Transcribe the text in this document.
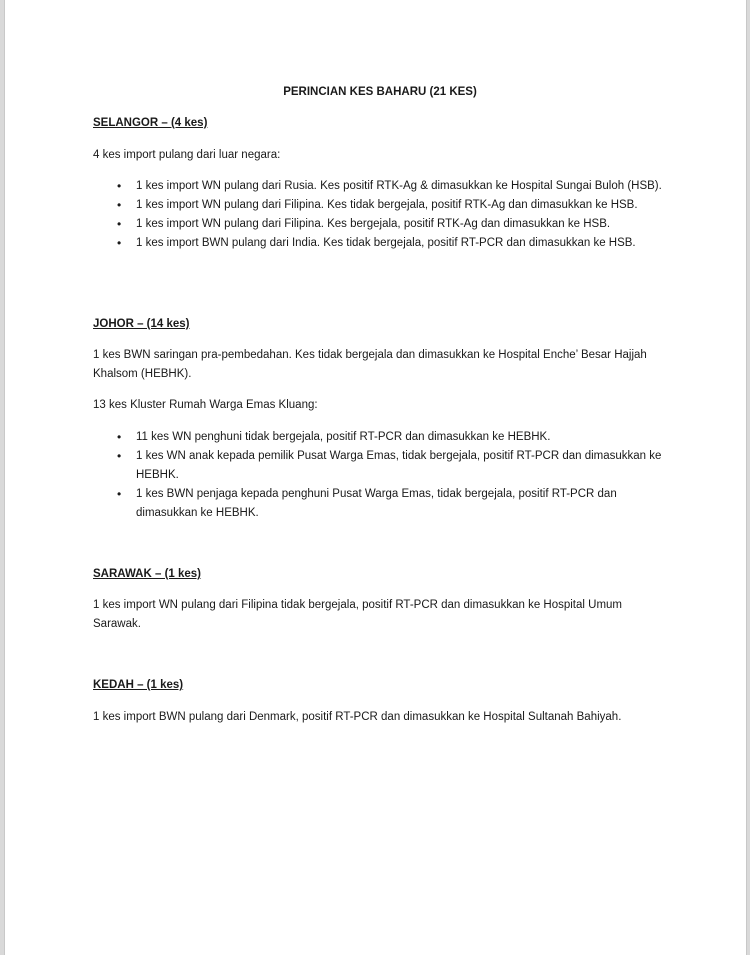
PERINCIAN KES BAHARU (21 KES)
SELANGOR – (4 kes)
4 kes import pulang dari luar negara:
• 1 kes import WN pulang dari Rusia. Kes positif RTK-Ag & dimasukkan ke Hospital Sungai Buloh (HSB).
• 1 kes import WN pulang dari Filipina. Kes tidak bergejala, positif RTK-Ag dan dimasukkan ke HSB.
• 1 kes import WN pulang dari Filipina. Kes bergejala, positif RTK-Ag dan dimasukkan ke HSB.
• 1 kes import BWN pulang dari India. Kes tidak bergejala, positif RT-PCR dan dimasukkan ke HSB.
JOHOR – (14 kes)
1 kes BWN saringan pra-pembedahan. Kes tidak bergejala dan dimasukkan ke Hospital Enche’ Besar Hajjah Khalsom (HEBHK).
13 kes Kluster Rumah Warga Emas Kluang:
• 11 kes WN penghuni tidak bergejala, positif RT-PCR dan dimasukkan ke HEBHK.
• 1 kes WN anak kepada pemilik Pusat Warga Emas, tidak bergejala, positif RT-PCR dan dimasukkan ke HEBHK.
• 1 kes BWN penjaga kepada penghuni Pusat Warga Emas, tidak bergejala, positif RT-PCR dan dimasukkan ke HEBHK.
SARAWAK – (1 kes)
1 kes import WN pulang dari Filipina tidak bergejala, positif RT-PCR dan dimasukkan ke Hospital Umum Sarawak.
KEDAH – (1 kes)
1 kes import BWN pulang dari Denmark, positif RT-PCR dan dimasukkan ke Hospital Sultanah Bahiyah.
